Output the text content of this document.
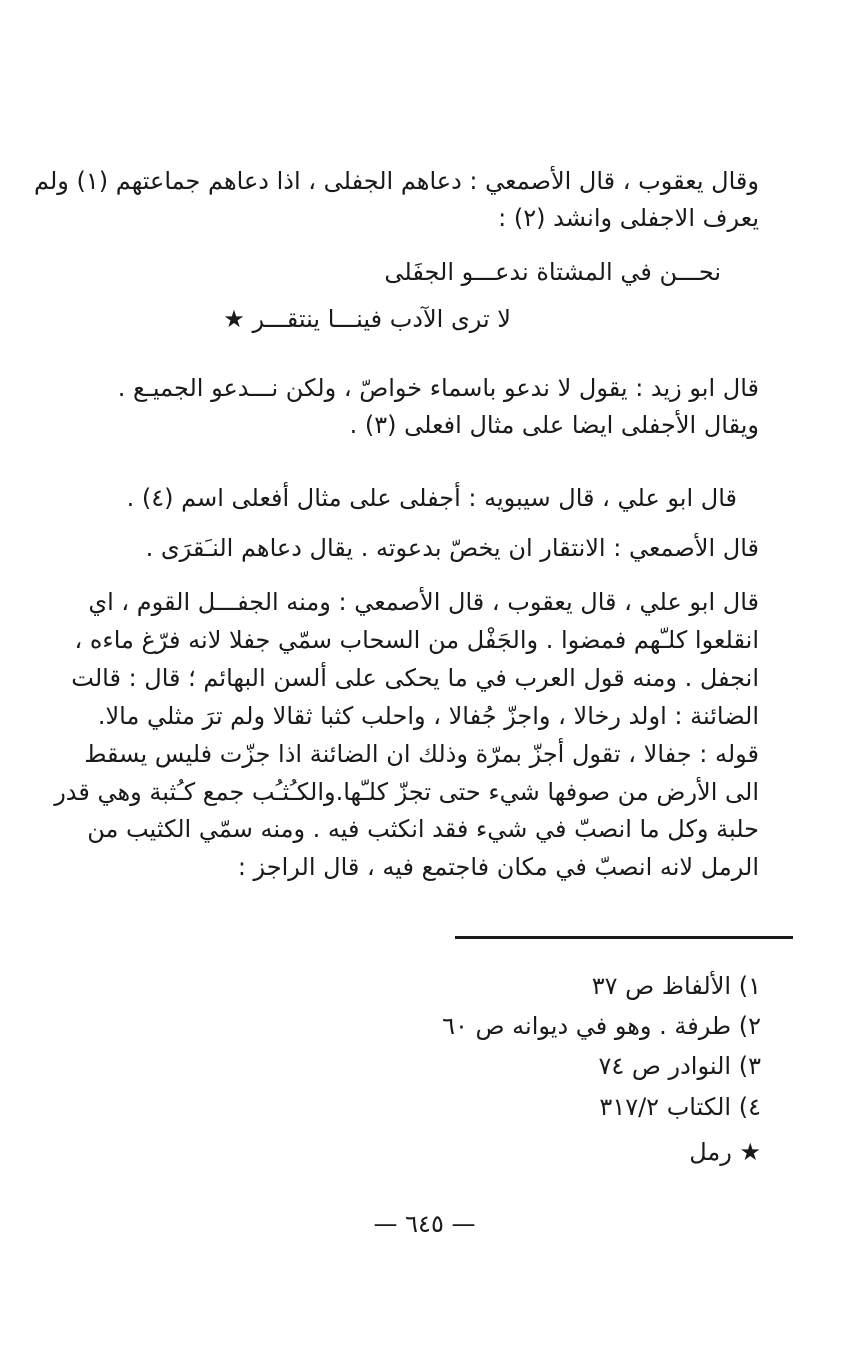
وقال يعقوب ، قال الأصمعي : دعاهم الجفلى ، اذا دعاهم جماعتهم (١) ولم
يعرف الاجفلى وانشد (٢) :
نحـــن في المشتاة ندعـــو الجفَلى
لا ترى الآدب فينـــا ينتقـــر ★
قال ابو زيد : يقول لا ندعو باسماء خواصّ ، ولكن نـــدعو الجميـع .
ويقال الأجفلى ايضا على مثال افعلى (٣) .
قال ابو علي ، قال سيبويه : أجفلى على مثال أفعلى اسم (٤) .
قال الأصمعي : الانتقار ان يخصّ بدعوته . يقال دعاهم النـَقرَى .
قال ابو علي ، قال يعقوب ، قال الأصمعي : ومنه الجفـــل القوم ، اي
انقلعوا كلـّهم فمضوا . والجَفْل من السحاب سمّي جفلا لانه فرّغ ماءه ،
انجفل . ومنه قول العرب في ما يحكى على ألسن البهائم ؛ قال : قالت
الضائنة : اولد رخالا ، واجزّ جُفالا ، واحلب كثبا ثقالا ولم ترَ مثلي مالا.
قوله : جفالا ، تقول أجزّ بمرّة وذلك ان الضائنة اذا جزّت فليس يسقط
الى الأرض من صوفها شيء حتى تجزّ كلـّها.والكـُثـُب جمع كـُثبة وهي قدر
حلبة وكل ما انصبّ في شيء فقد انكثب فيه . ومنه سمّي الكثيب من
الرمل لانه انصبّ في مكان فاجتمع فيه ، قال الراجز :
١) الألفاظ ص ٣٧
٢) طرفة . وهو في ديوانه ص ٦٠
٣) النوادر ص ٧٤
٤) الكتاب ٣١٧/٢
★ رمل
— ٦٤٥ —
